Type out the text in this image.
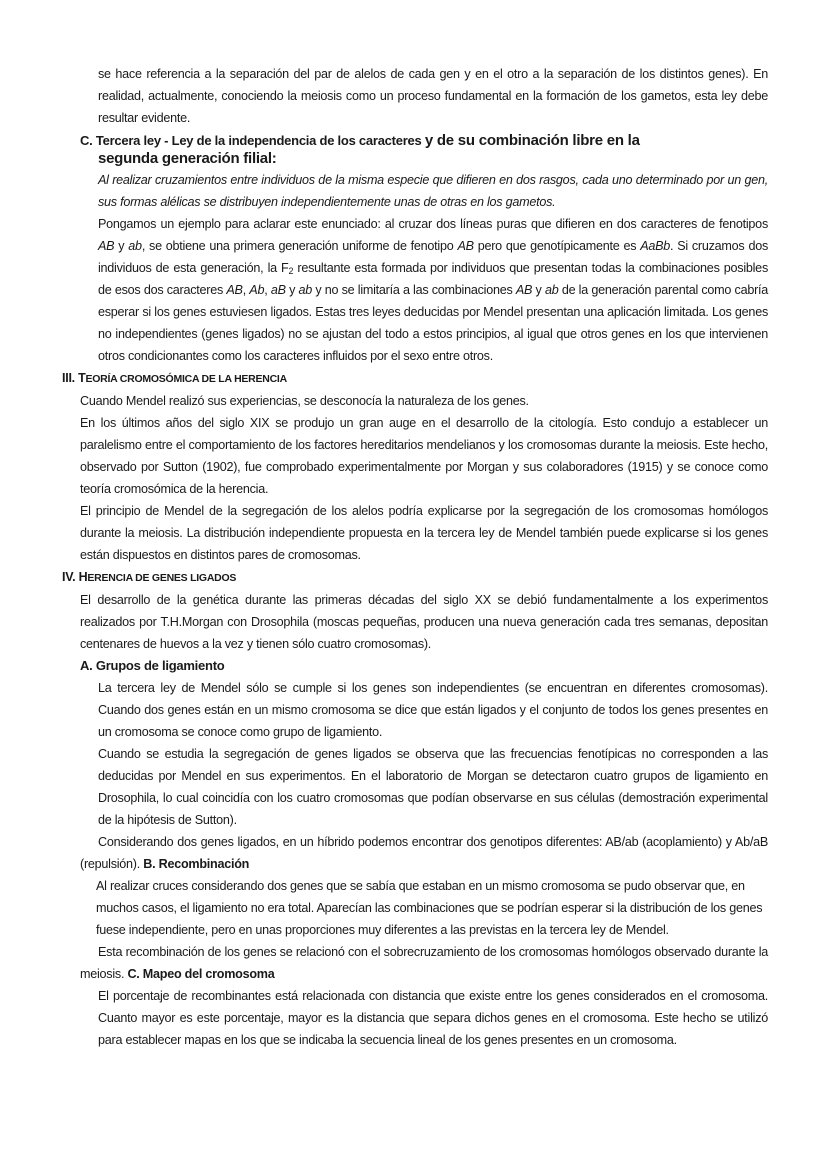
se hace referencia a la separación del par de alelos de cada gen y en el otro a la separación de los distintos genes). En realidad, actualmente, conociendo la meiosis como un proceso fundamental en la formación de los gametos, esta ley debe resultar evidente.

C. Tercera ley - Ley de la independencia de los caracteres y de su combinación libre en la
segunda generación filial:

Al realizar cruzamientos entre individuos de la misma especie que difieren en dos rasgos, cada uno determinado por un gen, sus formas alélicas se distribuyen independientemente unas de otras en los gametos.

Pongamos un ejemplo para aclarar este enunciado: al cruzar dos líneas puras que difieren en dos caracteres de fenotipos AB y ab, se obtiene una primera generación uniforme de fenotipo AB pero que genotípicamente es AaBb. Si cruzamos dos individuos de esta generación, la $F_2$ resultante esta formada por individuos que presentan todas la combinaciones posibles de esos dos caracteres AB, Ab, aB y ab y no se limitaría a las combinaciones AB y ab de la generación parental como cabría esperar si los genes estuviesen ligados. Estas tres leyes deducidas por Mendel presentan una aplicación limitada. Los genes no independientes (genes ligados) no se ajustan del todo a estos principios, al igual que otros genes en los que intervienen otros condicionantes como los caracteres influidos por el sexo entre otros.

III. TEORÍA CROMOSÓMICA DE LA HERENCIA

Cuando Mendel realizó sus experiencias, se desconocía la naturaleza de los genes.

En los últimos años del siglo XIX se produjo un gran auge en el desarrollo de la citología. Esto condujo a establecer un paralelismo entre el comportamiento de los factores hereditarios mendelianos y los cromosomas durante la meiosis. Este hecho, observado por Sutton (1902), fue comprobado experimentalmente por Morgan y sus colaboradores (1915) y se conoce como teoría cromosómica de la herencia.

El principio de Mendel de la segregación de los alelos podría explicarse por la segregación de los cromosomas homólogos durante la meiosis. La distribución independiente propuesta en la tercera ley de Mendel también puede explicarse si los genes están dispuestos en distintos pares de cromosomas.

IV. HERENCIA DE GENES LIGADOS

El desarrollo de la genética durante las primeras décadas del siglo XX se debió fundamentalmente a los experimentos realizados por T.H.Morgan con Drosophila (moscas pequeñas, producen una nueva generación cada tres semanas, depositan centenares de huevos a la vez y tienen sólo cuatro cromosomas).

A. Grupos de ligamiento

La tercera ley de Mendel sólo se cumple si los genes son independientes (se encuentran en diferentes cromosomas). Cuando dos genes están en un mismo cromosoma se dice que están ligados y el conjunto de todos los genes presentes en un cromosoma se conoce como grupo de ligamiento.

Cuando se estudia la segregación de genes ligados se observa que las frecuencias fenotípicas no corresponden a las deducidas por Mendel en sus experimentos. En el laboratorio de Morgan se detectaron cuatro grupos de ligamiento en Drosophila, lo cual coincidía con los cuatro cromosomas que podían observarse en sus células (demostración experimental de la hipótesis de Sutton).

Considerando dos genes ligados, en un híbrido podemos encontrar dos genotipos diferentes: AB/ab (acoplamiento) y Ab/aB (repulsión). B. Recombinación

Al realizar cruces considerando dos genes que se sabía que estaban en un mismo cromosoma se pudo observar que, en muchos casos, el ligamiento no era total. Aparecían las combinaciones que se podrían esperar si la distribución de los genes fuese independiente, pero en unas proporciones muy diferentes a las previstas en la tercera ley de Mendel.

Esta recombinación de los genes se relacionó con el sobrecruzamiento de los cromosomas homólogos observado durante la meiosis. C. Mapeo del cromosoma

El porcentaje de recombinantes está relacionada con distancia que existe entre los genes considerados en el cromosoma. Cuanto mayor es este porcentaje, mayor es la distancia que separa dichos genes en el cromosoma. Este hecho se utilizó para establecer mapas en los que se indicaba la secuencia lineal de los genes presentes en un cromosoma.
